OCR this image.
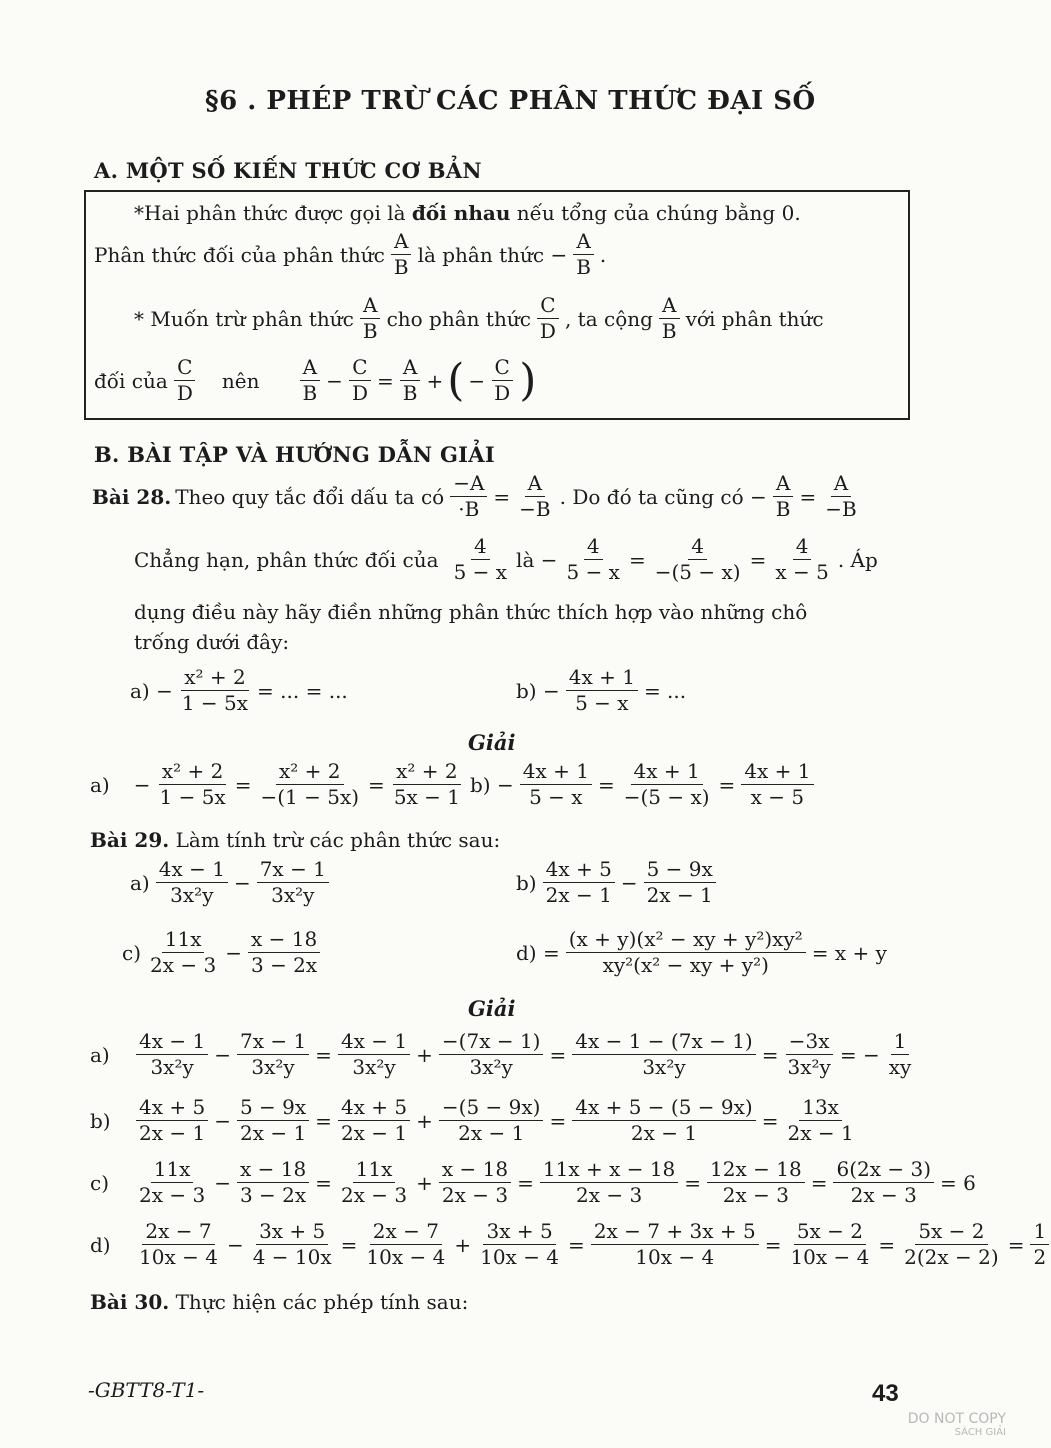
§6 . PHÉP TRỪ CÁC PHÂN THỨC ĐẠI SỐ
A. MỘT SỐ KIẾN THỨC CƠ BẢN
*Hai phân thức được gọi là đối nhau nếu tổng của chúng bằng 0.
Phân thức đối của phân thức $\frac{A}{B}$ là phân thức − $\frac{A}{B}$ .
* Muốn trừ phân thức $\frac{A}{B}$ cho phân thức $\frac{C}{D}$ , ta cộng $\frac{A}{B}$ với phân thức
đối của $\frac{C}{D}$ nên $\frac{A}{B} - \frac{C}{D} = \frac{A}{B}$ + ( − $\frac{C}{D}$ )
B. BÀI TẬP VÀ HƯỚNG DẪN GIẢI
Bài 28. Theo quy tắc đổi dấu ta có $\frac{-A}{\cdot B} = \frac{A}{-B}$ . Do đó ta cũng có − $\frac{A}{B} = \frac{A}{-B}$
Chẳng hạn, phân thức đối của $\frac{4}{5 - x}$ là − $\frac{4}{5 - x} = \frac{4}{-(5 - x)} = \frac{4}{x - 5}$ . Áp
dụng điều này hãy điền những phân thức thích hợp vào những chô
trống dưới đây:
$a) - \frac{\text{x² + 2}}{1 - 5x}$ = ... = ...	$b) - \frac{4x + 1}{5 - x}$ = ...
Giải
$a) - \frac{\text{x² + 2}}{1 - 5x} = \frac{\text{x² + 2}}{-(1 - 5x)} = \frac{\text{x² + 2}}{5x - 1} b) - \frac{4x + 1}{5 - x} = \frac{4x + 1}{-(5 - x)} = \frac{4x + 1}{x - 5}$
Bài 29. Làm tính trừ các phân thức sau:
$a) \frac{4x - 1}{\text{3x²y}} - \frac{7x - 1}{\text{3x²y}}$	$b) \frac{4x + 5}{2x - 1} - \frac{5 - 9x}{2x - 1}$
$c) \frac{11x}{2x - 3} - \frac{x - 18}{3 - 2x}$	$d) = \frac{\text{(x + y)(x² − xy + y²)xy²}}{\text{xy²(x² − xy + y²)}} = x + y$
Giải
a)	$\frac{4x - 1}{\text{3x²y}} - \frac{7x - 1}{\text{3x²y}} = \frac{4x - 1}{\text{3x²y}} + \frac{-(7x - 1)}{\text{3x²y}} = \frac{4x - 1 - (7x - 1)}{\text{3x²y}} = \frac{-3x}{\text{3x²y}}$ = − $\frac{1}{xy}$
b)	$\frac{4x + 5}{2x - 1} - \frac{5 - 9x}{2x - 1} = \frac{4x + 5}{2x - 1} + \frac{-(5 - 9x)}{2x - 1} = \frac{4x + 5 - (5 - 9x)}{2x - 1} = \frac{13x}{2x - 1}$
c)	$\frac{11x}{2x - 3} - \frac{x - 18}{3 - 2x} = \frac{11x}{2x - 3} + \frac{x - 18}{2x - 3} = \frac{11x + x - 18}{2x - 3} = \frac{12x - 18}{2x - 3} = \frac{6(2x - 3)}{2x - 3} = 6$
d)	$\frac{2x - 7}{10x - 4} - \frac{3x + 5}{4 - 10x} = \frac{2x - 7}{10x - 4} + \frac{3x + 5}{10x - 4} = \frac{2x - 7 + 3x + 5}{10x - 4} = \frac{5x - 2}{10x - 4} = \frac{5x - 2}{2(2x - 2)} = \frac{1}{2}$
Bài 30. Thực hiện các phép tính sau:
-GBTT8-T1-	43
DO NOT COPY
SÁCH GIẢI
